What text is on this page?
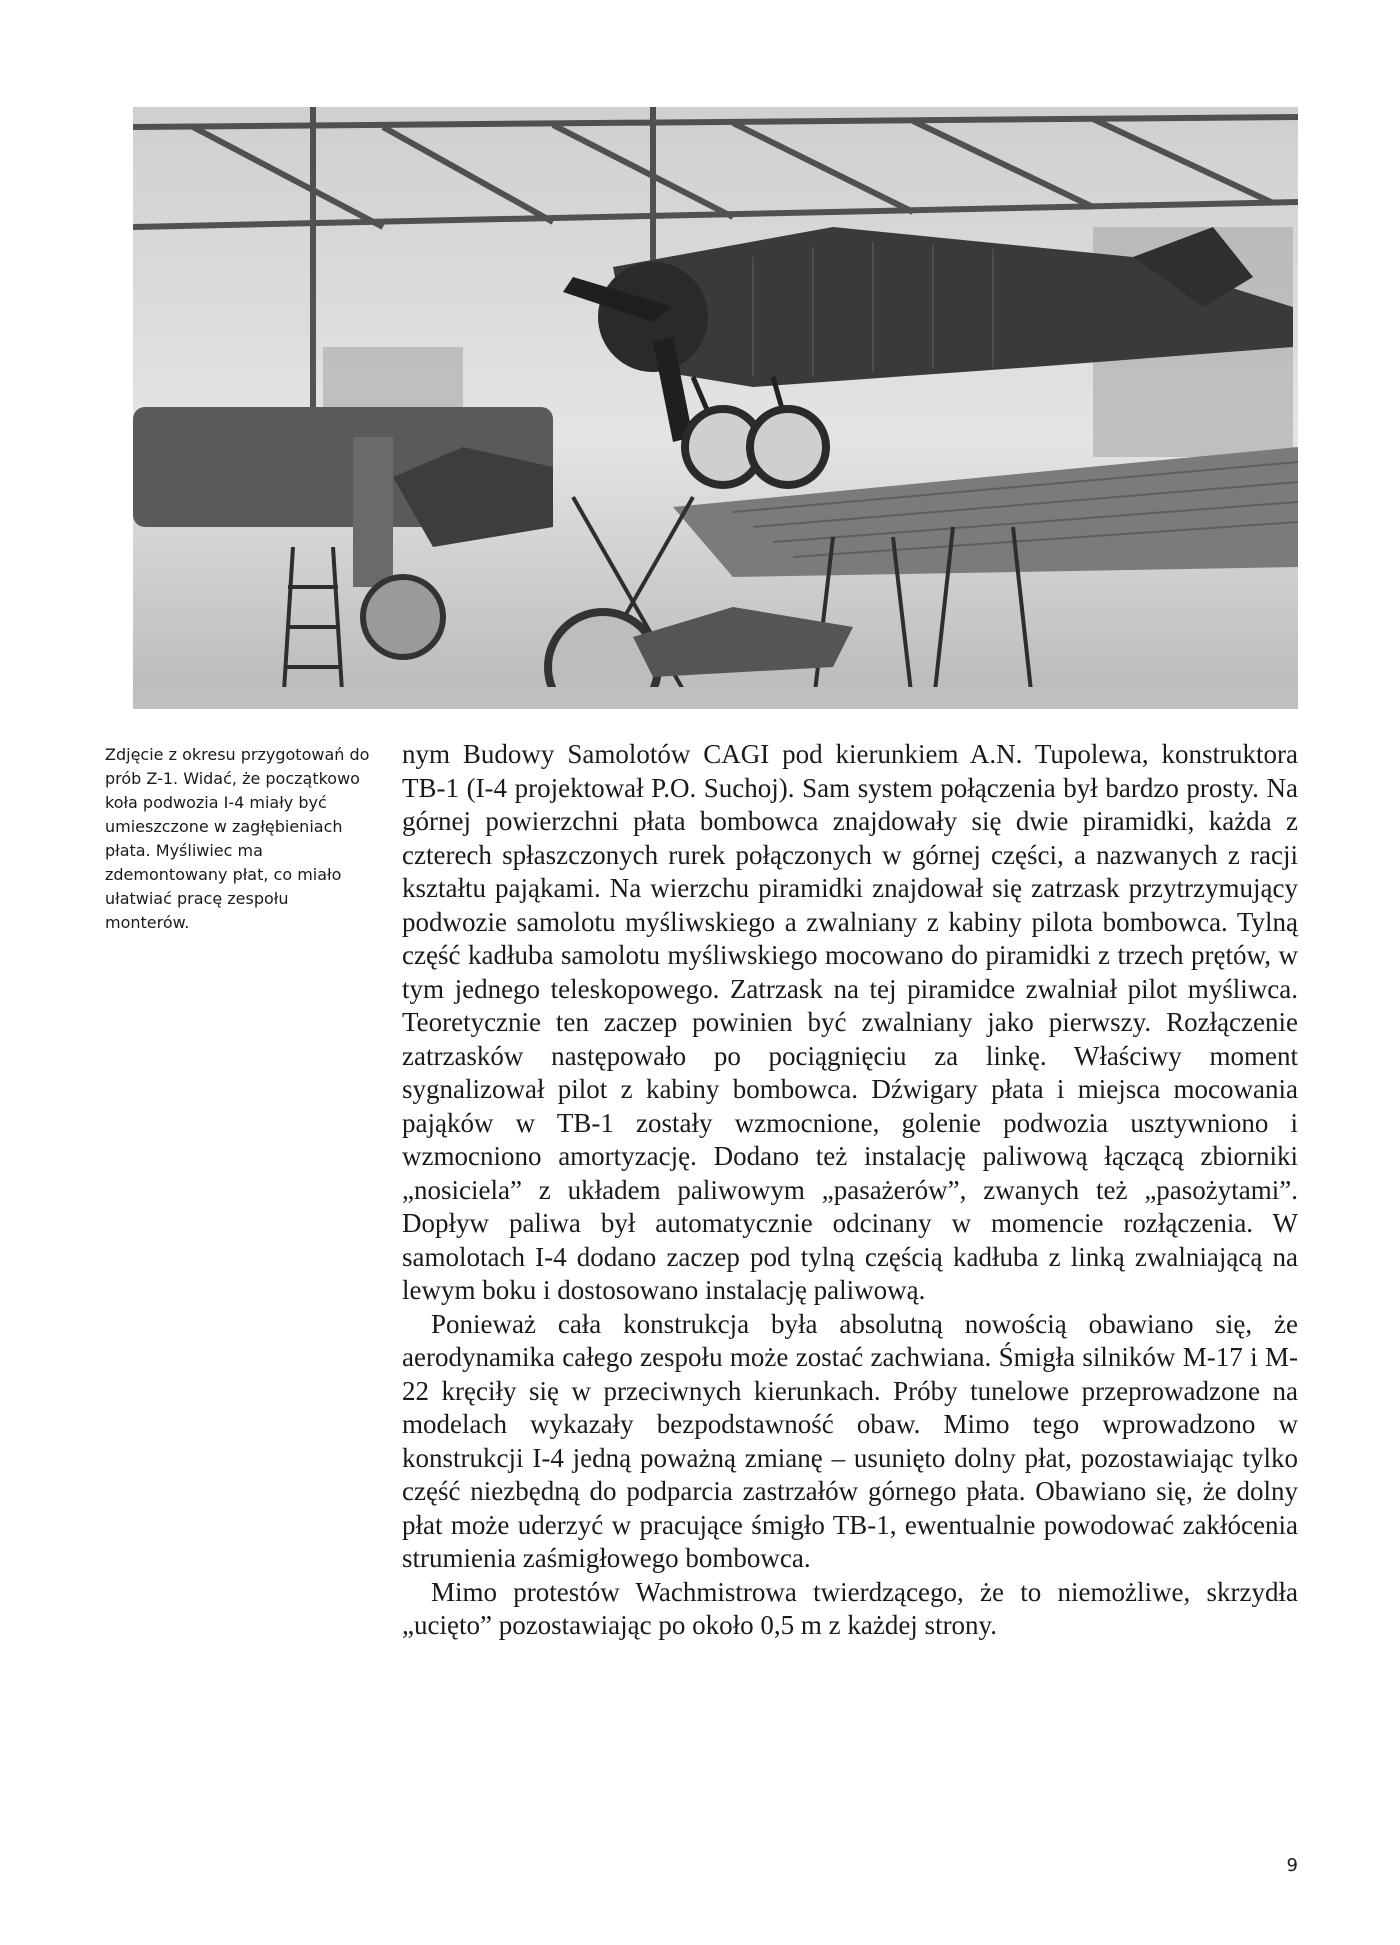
Zdjęcie z okresu przygotowań do prób Z-1. Widać, że początkowo koła podwozia I-4 miały być umieszczone w zagłębieniach płata. Myśliwiec ma zdemontowany płat, co miało ułatwiać pracę zespołu monterów.

nym Budowy Samolotów CAGI pod kierunkiem A.N. Tupolewa, konstruktora TB-1 (I-4 projektował P.O. Suchoj). Sam system połączenia był bardzo prosty. Na górnej powierzchni płata bombowca znajdowały się dwie piramidki, każda z czterech spłaszczonych rurek połączonych w górnej części, a nazwanych z racji kształtu pająkami. Na wierzchu piramidki znajdował się zatrzask przytrzymujący podwozie samolotu myśliwskiego a zwalniany z kabiny pilota bombowca. Tylną część kadłuba samolotu myśliwskiego mocowano do piramidki z trzech prętów, w tym jednego teleskopowego. Zatrzask na tej piramidce zwalniał pilot myśliwca. Teoretycznie ten zaczep powinien być zwalniany jako pierwszy. Rozłączenie zatrzasków następowało po pociągnięciu za linkę. Właściwy moment sygnalizował pilot z kabiny bombowca. Dźwigary płata i miejsca mocowania pająków w TB-1 zostały wzmocnione, golenie podwozia usztywniono i wzmocniono amortyzację. Dodano też instalację paliwową łączącą zbiorniki „nosiciela” z układem paliwowym „pasażerów”, zwanych też „pasożytami”. Dopływ paliwa był automatycznie odcinany w momencie rozłączenia. W samolotach I-4 dodano zaczep pod tylną częścią kadłuba z linką zwalniającą na lewym boku i dostosowano instalację paliwową.

Ponieważ cała konstrukcja była absolutną nowością obawiano się, że aerodynamika całego zespołu może zostać zachwiana. Śmigła silników M-17 i M-22 kręciły się w przeciwnych kierunkach. Próby tunelowe przeprowadzone na modelach wykazały bezpodstawność obaw. Mimo tego wprowadzono w konstrukcji I-4 jedną poważną zmianę – usunięto dolny płat, pozostawiając tylko część niezbędną do podparcia zastrzałów górnego płata. Obawiano się, że dolny płat może uderzyć w pracujące śmigło TB-1, ewentualnie powodować zakłócenia strumienia zaśmigłowego bombowca.

Mimo protestów Wachmistrowa twierdzącego, że to niemożliwe, skrzydła „ucięto” pozostawiając po około 0,5 m z każdej strony.

9
